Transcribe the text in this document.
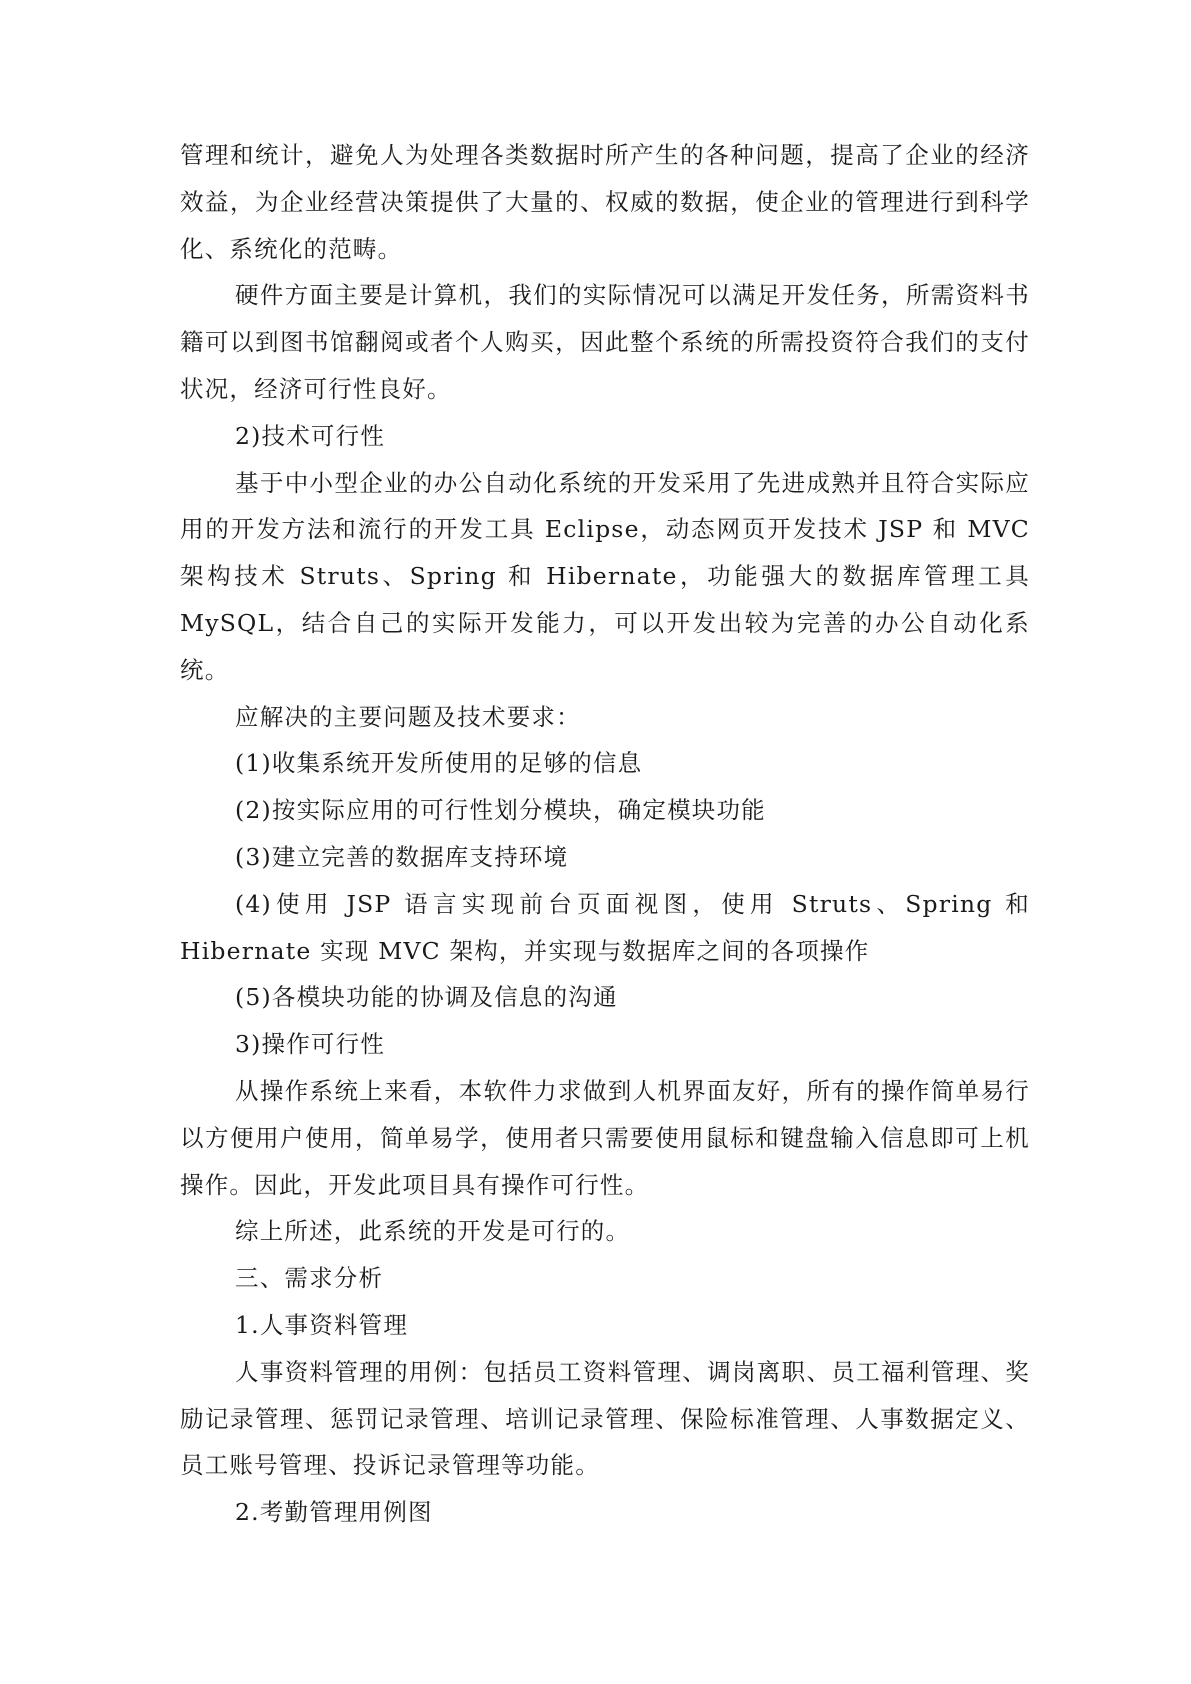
管理和统计，避免人为处理各类数据时所产生的各种问题，提高了企业的经济效益，为企业经营决策提供了大量的、权威的数据，使企业的管理进行到科学化、系统化的范畴。

硬件方面主要是计算机，我们的实际情况可以满足开发任务，所需资料书籍可以到图书馆翻阅或者个人购买，因此整个系统的所需投资符合我们的支付状况，经济可行性良好。

2)技术可行性

基于中小型企业的办公自动化系统的开发采用了先进成熟并且符合实际应用的开发方法和流行的开发工具 Eclipse，动态网页开发技术 JSP 和 MVC 架构技术 Struts、Spring 和 Hibernate，功能强大的数据库管理工具 MySQL，结合自己的实际开发能力，可以开发出较为完善的办公自动化系统。

应解决的主要问题及技术要求：

(1)收集系统开发所使用的足够的信息

(2)按实际应用的可行性划分模块，确定模块功能

(3)建立完善的数据库支持环境

(4)使用 JSP 语言实现前台页面视图，使用 Struts、Spring 和 Hibernate 实现 MVC 架构，并实现与数据库之间的各项操作

(5)各模块功能的协调及信息的沟通

3)操作可行性

从操作系统上来看，本软件力求做到人机界面友好，所有的操作简单易行以方便用户使用，简单易学，使用者只需要使用鼠标和键盘输入信息即可上机操作。因此，开发此项目具有操作可行性。

综上所述，此系统的开发是可行的。

三、需求分析

1.人事资料管理

人事资料管理的用例：包括员工资料管理、调岗离职、员工福利管理、奖励记录管理、惩罚记录管理、培训记录管理、保险标准管理、人事数据定义、员工账号管理、投诉记录管理等功能。

2.考勤管理用例图
